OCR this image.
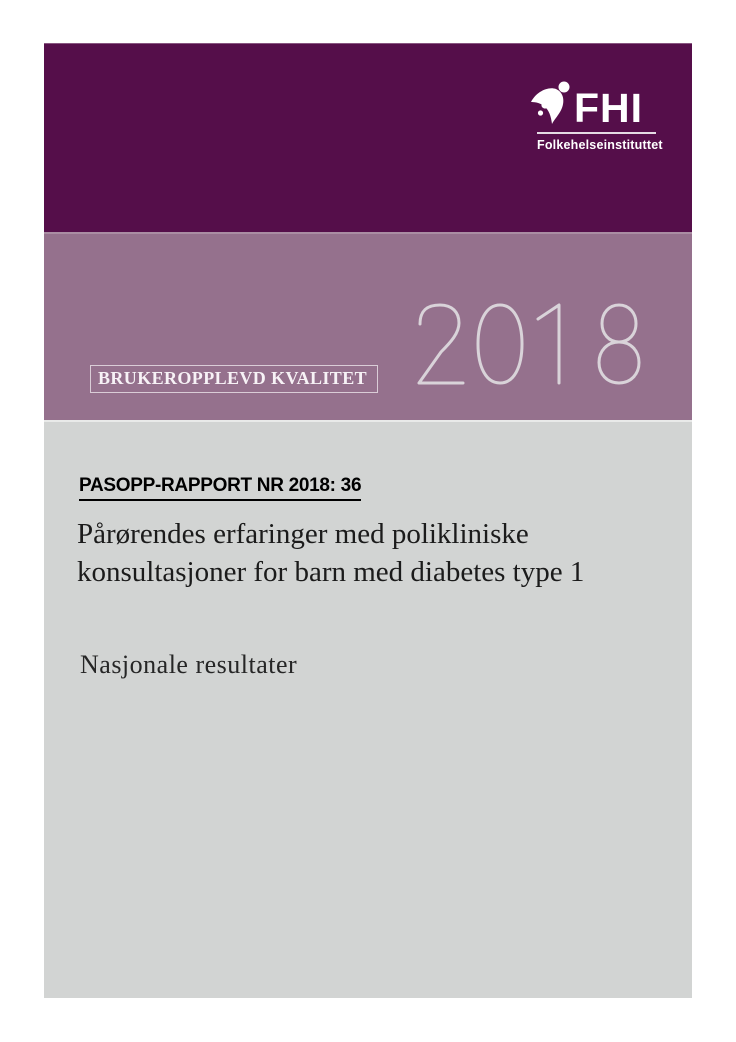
FHI
Folkehelseinstituttet
BRUKEROPPLEVD KVALITET
PASOPP-RAPPORT NR 2018: 36
Pårørendes erfaringer med polikliniske
konsultasjoner for barn med diabetes type 1
Nasjonale resultater
